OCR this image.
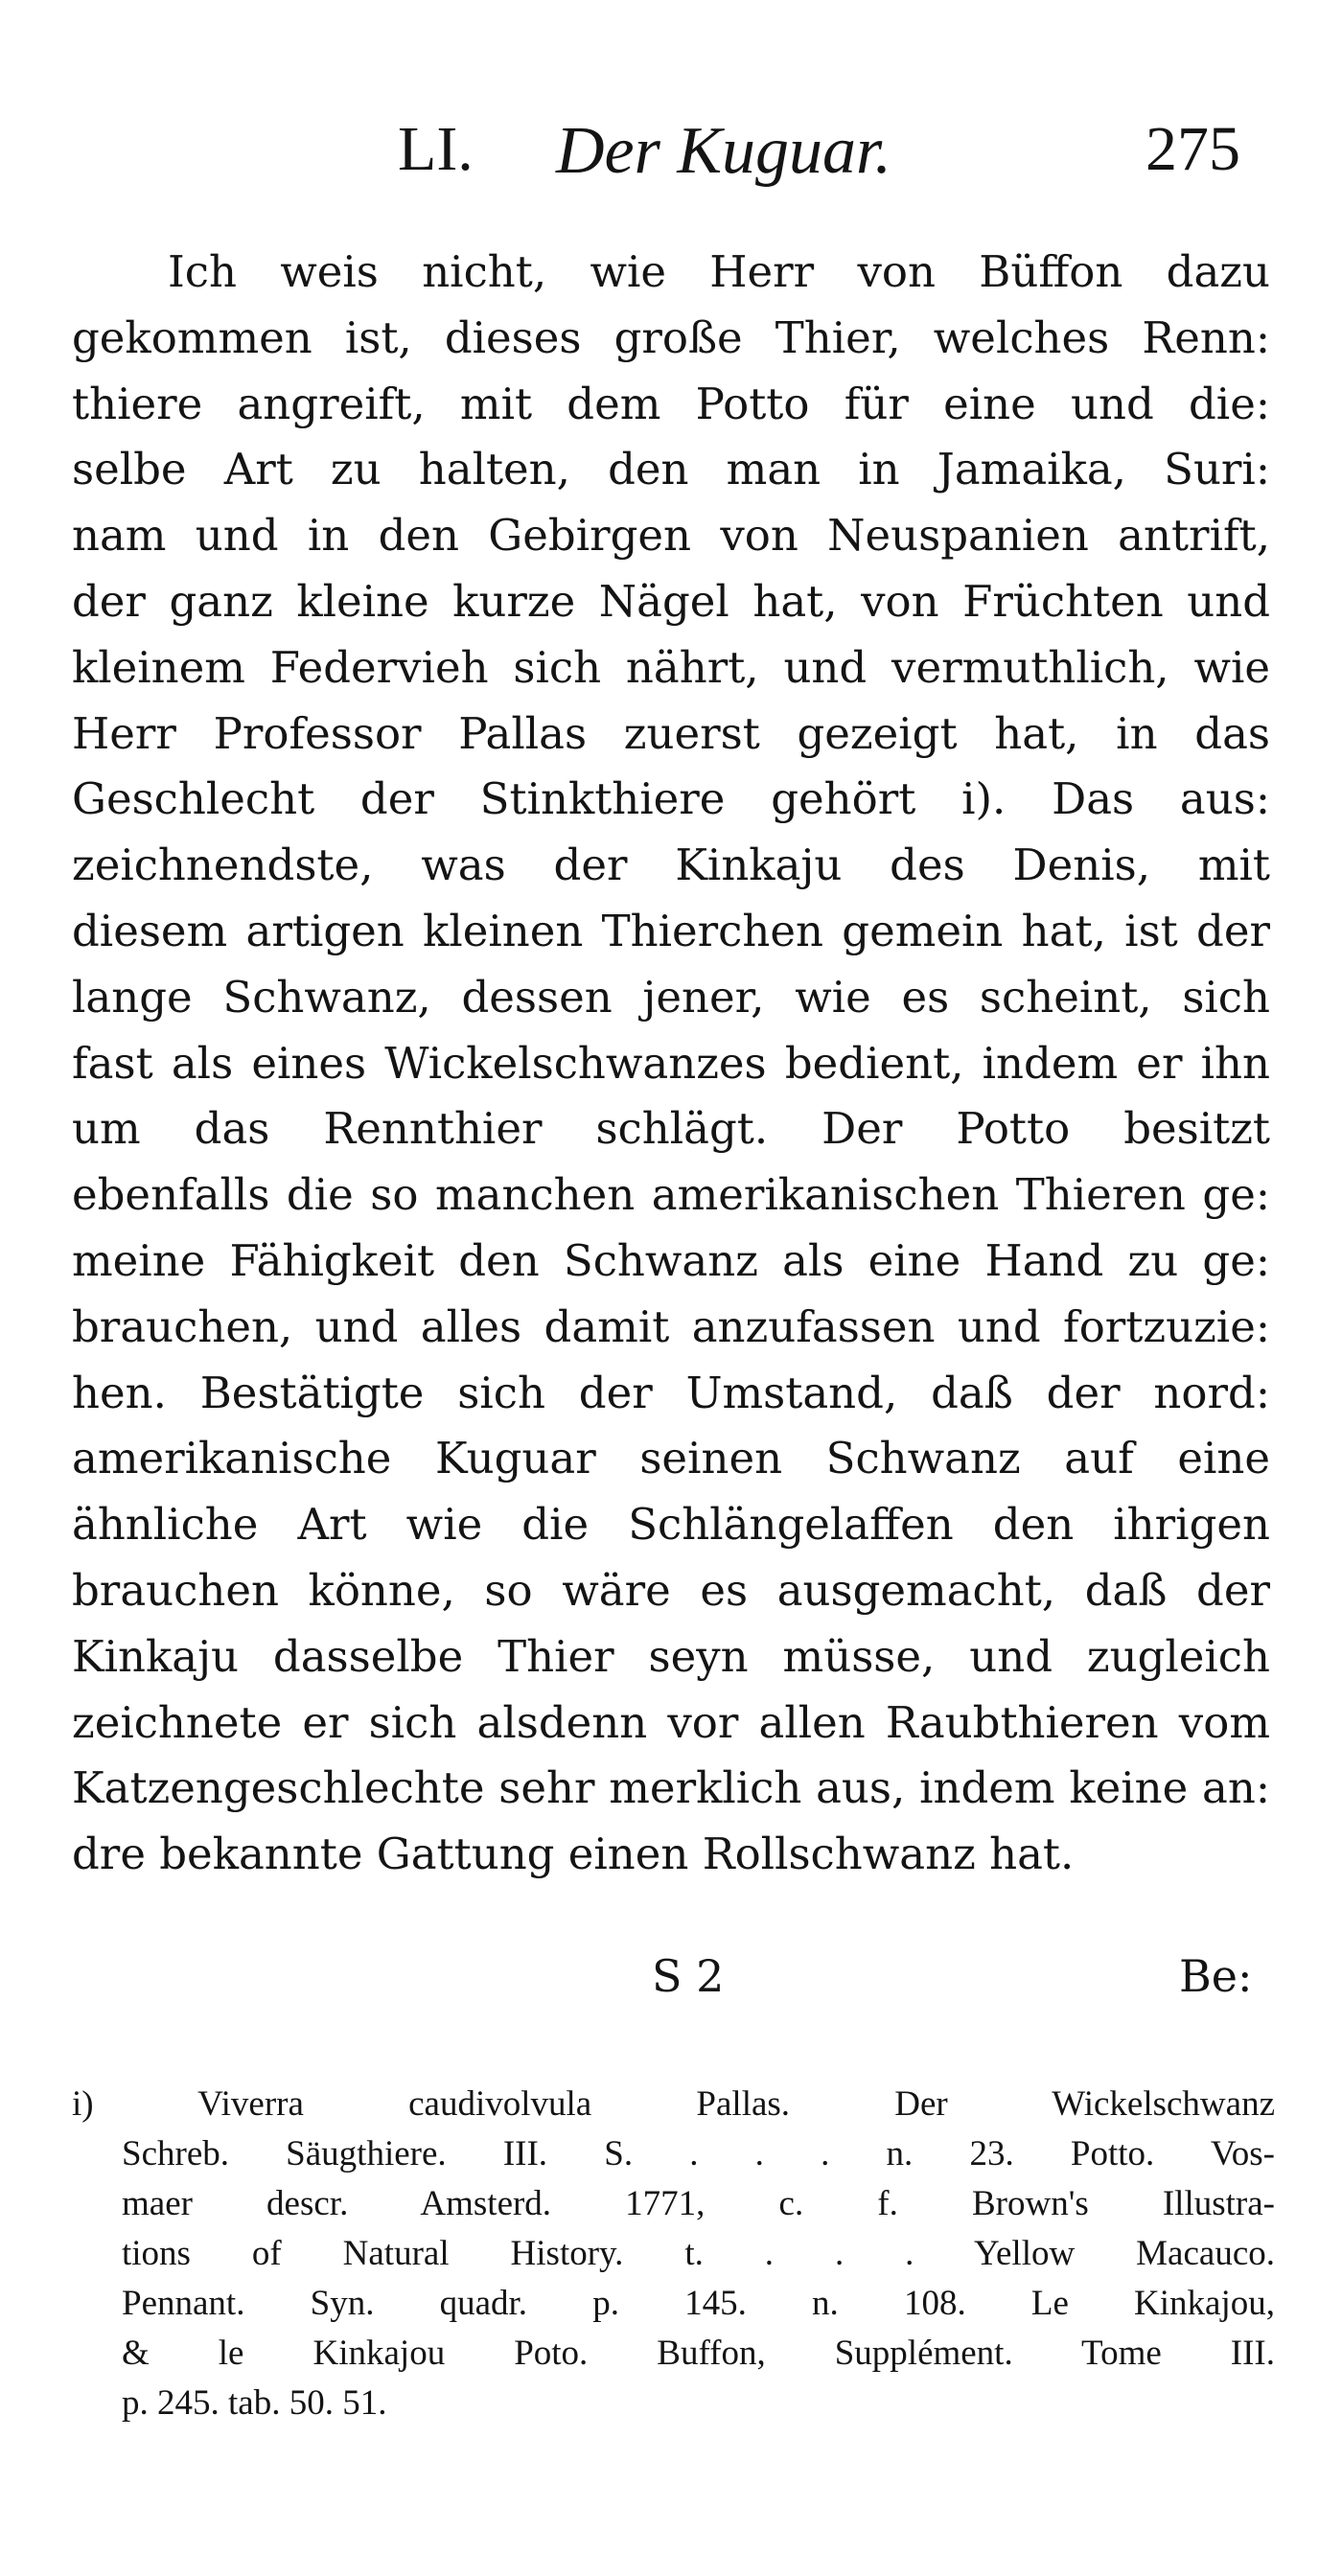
LI. Der Kuguar.	275
Ich weis nicht, wie Herr von Büffon dazu
gekommen ist, dieses große Thier, welches Renn:
thiere angreift, mit dem Potto für eine und die:
selbe Art zu halten, den man in Jamaika, Suri:
nam und in den Gebirgen von Neuspanien antrift,
der ganz kleine kurze Nägel hat, von Früchten und
kleinem Federvieh sich nährt, und vermuthlich, wie
Herr Professor Pallas zuerst gezeigt hat, in das
Geschlecht der Stinkthiere gehört i). Das aus:
zeichnendste, was der Kinkaju des Denis, mit
diesem artigen kleinen Thierchen gemein hat, ist der
lange Schwanz, dessen jener, wie es scheint, sich
fast als eines Wickelschwanzes bedient, indem er ihn
um das Rennthier schlägt. Der Potto besitzt
ebenfalls die so manchen amerikanischen Thieren ge:
meine Fähigkeit den Schwanz als eine Hand zu ge:
brauchen, und alles damit anzufassen und fortzuzie:
hen. Bestätigte sich der Umstand, daß der nord:
amerikanische Kuguar seinen Schwanz auf eine
ähnliche Art wie die Schlängelaffen den ihrigen
brauchen könne, so wäre es ausgemacht, daß der
Kinkaju dasselbe Thier seyn müsse, und zugleich
zeichnete er sich alsdenn vor allen Raubthieren vom
Katzengeschlechte sehr merklich aus, indem keine an:
dre bekannte Gattung einen Rollschwanz hat.
S 2	Be:
i) Viverra caudivolvula Pallas. Der Wickelschwanz
Schreb. Säugthiere. III. S. . . . n. 23. Potto. Vos-
maer descr. Amsterd. 1771, c. f. Brown's Illustra-
tions of Natural History. t. . . . Yellow Macauco.
Pennant. Syn. quadr. p. 145. n. 108. Le Kinkajou,
& le Kinkajou Poto. Buffon, Supplément. Tome III.
p. 245. tab. 50. 51.
